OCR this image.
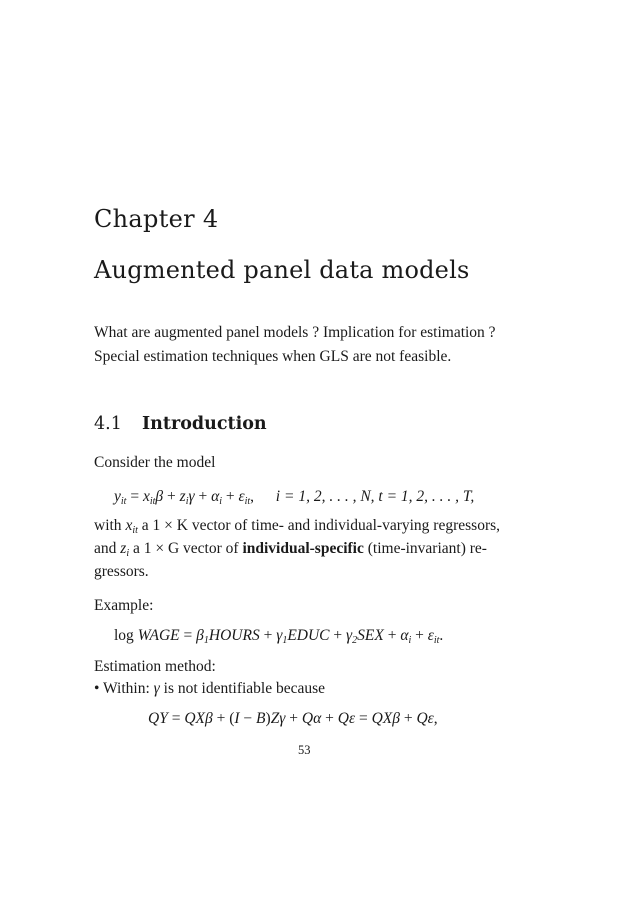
Chapter 4
Augmented panel data models
What are augmented panel models ? Implication for estimation ?
Special estimation techniques when GLS are not feasible.
4.1 Introduction
Consider the model
$y_{it} = x_{it}\beta + z_i\gamma + \alpha_i + \varepsilon_{it}$, i = 1, 2, . . . , N, t = 1, 2, . . . , T,
with $x_{it}$ a 1 × K vector of time- and individual-varying regressors,
and $z_i$ a 1 × G vector of individual-specific (time-invariant) re-
gressors.
Example:
log WAGE = $\beta_1HOURS$ + $\gamma_1EDUC + \gamma_2SEX + \alpha_i + \varepsilon_{it}$.
Estimation method:
• Within: γ is not identifiable because
QY = QXβ + (I − B)Zγ + Qα + Qε = QXβ + Qε,
53
